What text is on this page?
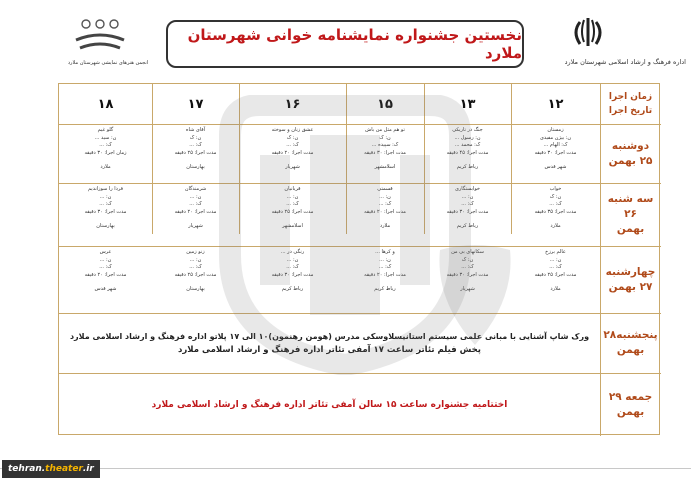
انجمن هنرهای نمایشی شهرستان ملارد
نخستین جشنواره نمایشنامه خوانی شهرستان ملارد	اداره فرهنگ و ارشاد اسلامی شهرستان ملارد
زمان اجرا
تاریخ اجرا
۱۲
۱۳
۱۵
۱۶
۱۷
۱۸
دوشنبه
۲۵ بهمن
سه شنبه ۲۶
بهمن
چهارشنبه
۲۷ بهمن
پنجشنبه۲۸
بهمن
جمعه ۲۹
بهمن
زمستان
ن: بیژن مفیدی
ک: الهام ...
مدت اجرا: ۳۰ دقیقه
شهر قدس
جنگ در تاریکی
ن: رسول ...
ک: محمد ...
مدت اجرا: ۴۵ دقیقه
رباط کریم
تو هم مثل من باش
ن: ک
ک: سپیده ...
مدت اجرا: ۳۰ دقیقه
اسلامشهر
عشق زنان و سوخته
ن: ک
ک: ...
مدت اجرا: ۲۰ دقیقه
شهریار
آقای شاه
ن: ک
ک: ...
مدت اجرا: ۲۵ دقیقه
بهارستان
گلو غیم
ن: سید ...
ک: ...
زمان اجرا: ۳۰ دقیقه
ملارد
خواب
ن: ک
ک: ...
مدت اجرا: ۳۵ دقیقه
ملارد
خوابستگاری
ن: ...
ک: ...
مدت اجرا: ۳۰ دقیقه
رباط کریم
قسمتی
ن: ...
ک: ...
مدت اجرا: ۲۰ دقیقه
ملارد
قربانیان
ن: ...
ک: ...
مدت اجرا: ۲۵ دقیقه
اسلامشهر
شرمندگان
ن: ...
ک: ...
مدت اجرا: ۲۰ دقیقه
شهریار
فردا را سوزاندیم
ن: ...
ک: ...
مدت اجرا: ۳۰ دقیقه
بهارستان
عالم برزخ
ن: ...
ک: ...
مدت اجرا: ۲۵ دقیقه
ملارد
سکانهای بی من
ن: ک
ک: ...
مدت اجرا: ۳۰ دقیقه
شهریار
و کرها ...
ن: ...
ک: ...
مدت اجرا: ۲۰ دقیقه
رباط کریم
رنگی در ...
ن: ...
ک: ...
مدت اجرا: ۳۰ دقیقه
رباط کریم
زنو زمین
ن: ...
ک: ...
مدت اجرا: ۲۵ دقیقه
بهارستان
عرس
ن: ...
ک: ...
مدت اجرا: ۲۰ دقیقه
شهر قدس
ورک شاپ آشنایی با مبانی علمی سیستم استانیسلاوسکی مدرس (هومن رهنمون)۱۰ الی ۱۷ پلاتو اداره فرهنگ و ارشاد اسلامی ملارد
پخش فیلم تئاتر ساعت ۱۷ آمفی تئاتر اداره فرهنگ و ارشاد اسلامی ملارد
اختتامیه جشنواره ساعت ۱۵ سالن آمفی تئاتر اداره فرهنگ و ارشاد اسلامی ملارد
tehran. theater .ir
